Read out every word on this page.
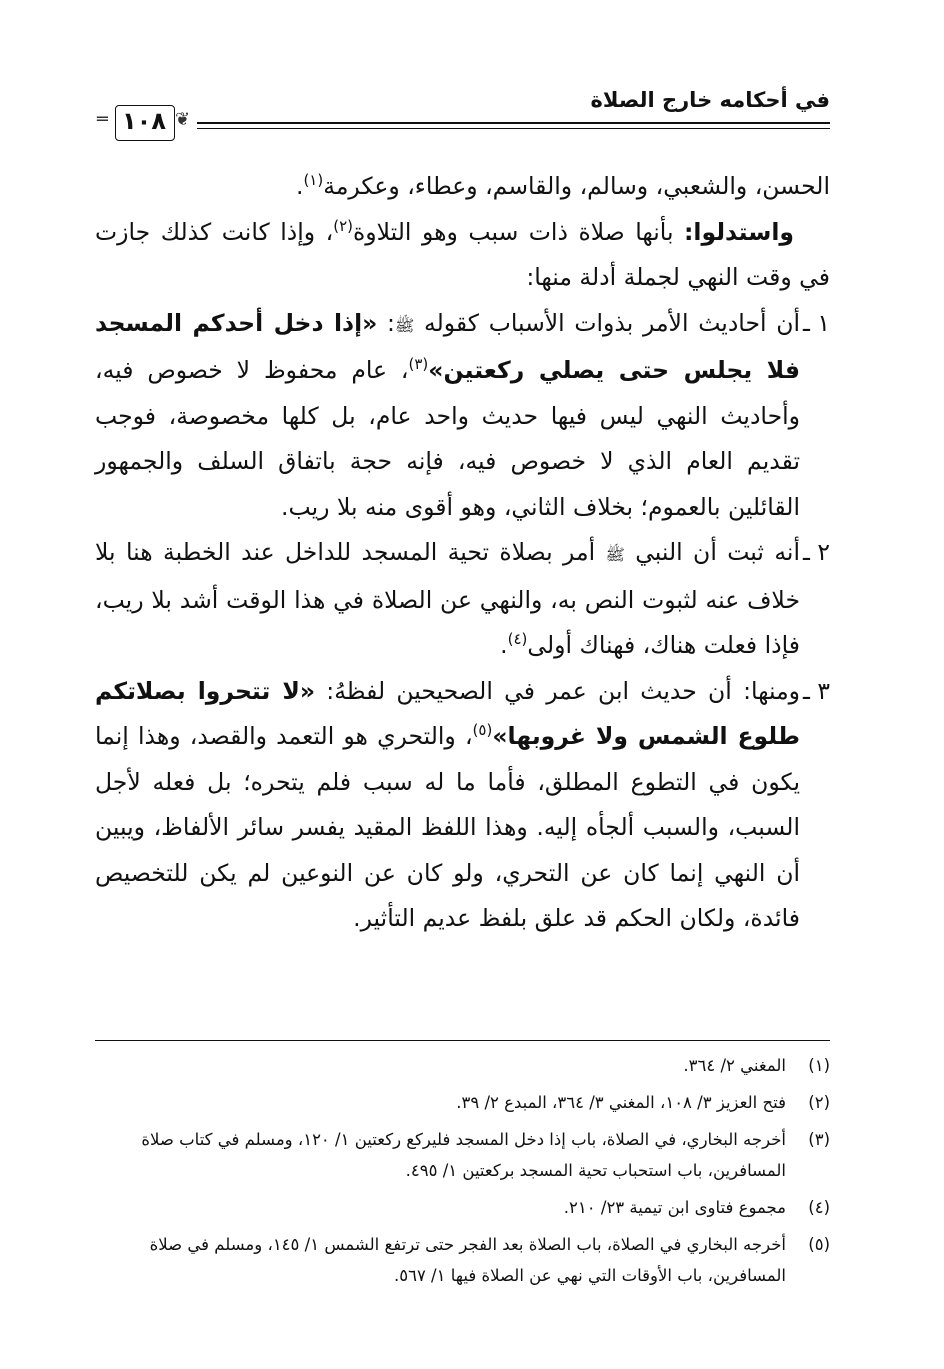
في أحكامه خارج الصلاة
═ ١٠٨ ❦

الحسن، والشعبي، وسالم، والقاسم، وعطاء، وعكرمة$^{(١)}$.

واستدلوا: بأنها صلاة ذات سبب وهو التلاوة$^{(٢)}$، وإذا كانت كذلك جازت في وقت النهي لجملة أدلة منها:

١ ـ
أن أحاديث الأمر بذوات الأسباب كقوله ﷺ: «إذا دخل أحدكم المسجد فلا يجلس حتى يصلي ركعتين»$^{(٣)}$، عام محفوظ لا خصوص فيه، وأحاديث النهي ليس فيها حديث واحد عام، بل كلها مخصوصة، فوجب تقديم العام الذي لا خصوص فيه، فإنه حجة باتفاق السلف والجمهور القائلين بالعموم؛ بخلاف الثاني، وهو أقوى منه بلا ريب.

٢ ـ
أنه ثبت أن النبي ﷺ أمر بصلاة تحية المسجد للداخل عند الخطبة هنا بلا خلاف عنه لثبوت النص به، والنهي عن الصلاة في هذا الوقت أشد بلا ريب، فإذا فعلت هناك، فهناك أولى$^{(٤)}$.

٣ ـ
ومنها: أن حديث ابن عمر في الصحيحين لفظهُ: «لا تتحروا بصلاتكم طلوع الشمس ولا غروبها»$^{(٥)}$، والتحري هو التعمد والقصد، وهذا إنما يكون في التطوع المطلق، فأما ما له سبب فلم يتحره؛ بل فعله لأجل السبب، والسبب ألجأه إليه. وهذا اللفظ المقيد يفسر سائر الألفاظ، ويبين أن النهي إنما كان عن التحري، ولو كان عن النوعين لم يكن للتخصيص فائدة، ولكان الحكم قد علق بلفظ عديم التأثير.

(١)
المغني ٢/ ٣٦٤.
(٢)
فتح العزيز ٣/ ١٠٨، المغني ٣/ ٣٦٤، المبدع ٢/ ٣٩.
(٣)
أخرجه البخاري، في الصلاة، باب إذا دخل المسجد فليركع ركعتين ١/ ١٢٠، ومسلم في كتاب صلاة المسافرين، باب استحباب تحية المسجد بركعتين ١/ ٤٩٥.
(٤)
مجموع فتاوى ابن تيمية ٢٣/ ٢١٠.
(٥)
أخرجه البخاري في الصلاة، باب الصلاة بعد الفجر حتى ترتفع الشمس ١/ ١٤٥، ومسلم في صلاة المسافرين، باب الأوقات التي نهي عن الصلاة فيها ١/ ٥٦٧.
